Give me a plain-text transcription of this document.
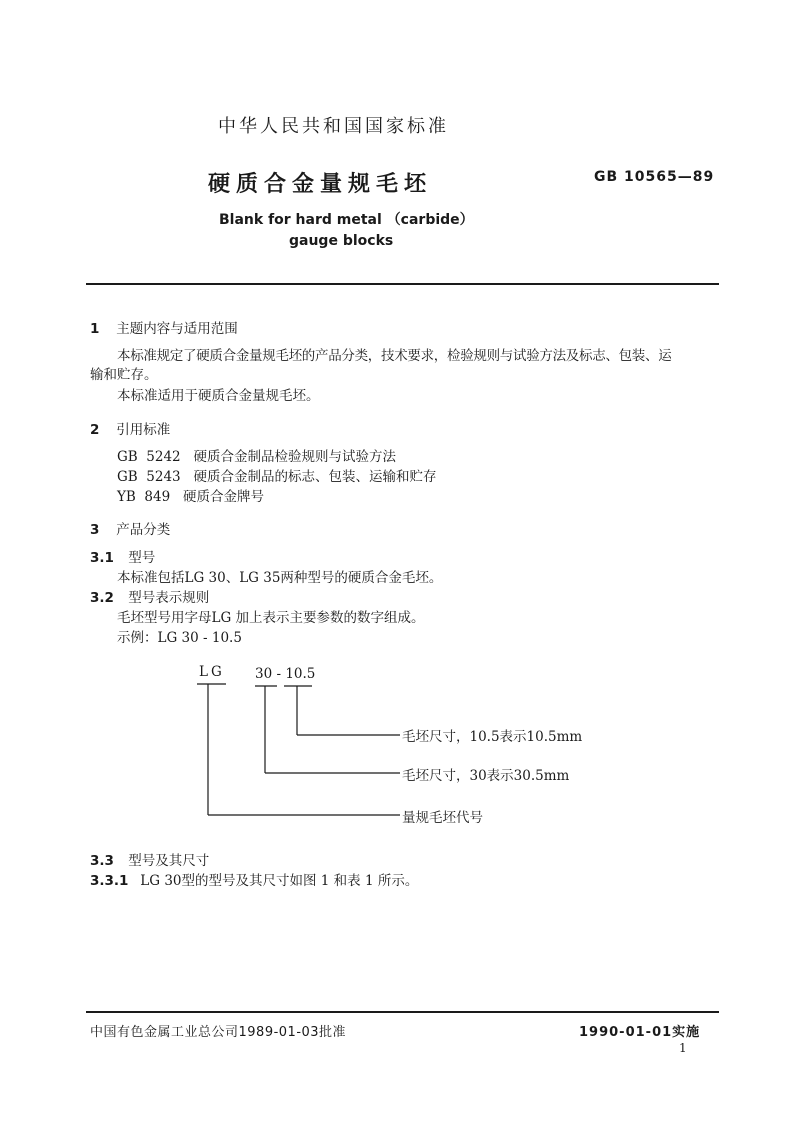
中华人民共和国国家标准
硬质合金量规毛坯	GB 10565—89
Blank for hard metal （carbide）
gauge blocks
1 主题内容与适用范围
本标准规定了硬质合金量规毛坯的产品分类，技术要求，检验规则与试验方法及标志、包装、运
输和贮存。
本标准适用于硬质合金量规毛坯。
2 引用标准
GB  5242   硬质合金制品检验规则与试验方法
GB  5243   硬质合金制品的标志、包装、运输和贮存
YB  849   硬质合金牌号
3 产品分类
3.1 型号
本标准包括LG 30、LG 35两种型号的硬质合金毛坯。
3.2 型号表示规则
毛坯型号用字母LG 加上表示主要参数的数字组成。
示例：LG 30 - 10.5
LG 30 - 10.5
毛坯尺寸，10.5表示10.5mm
毛坯尺寸，30表示30.5mm
量规毛坯代号
3.3 型号及其尺寸
3.3.1 LG 30型的型号及其尺寸如图 1 和表 1 所示。
中国有色金属工业总公司1989-01-03批准	1990-01-01实施
1
